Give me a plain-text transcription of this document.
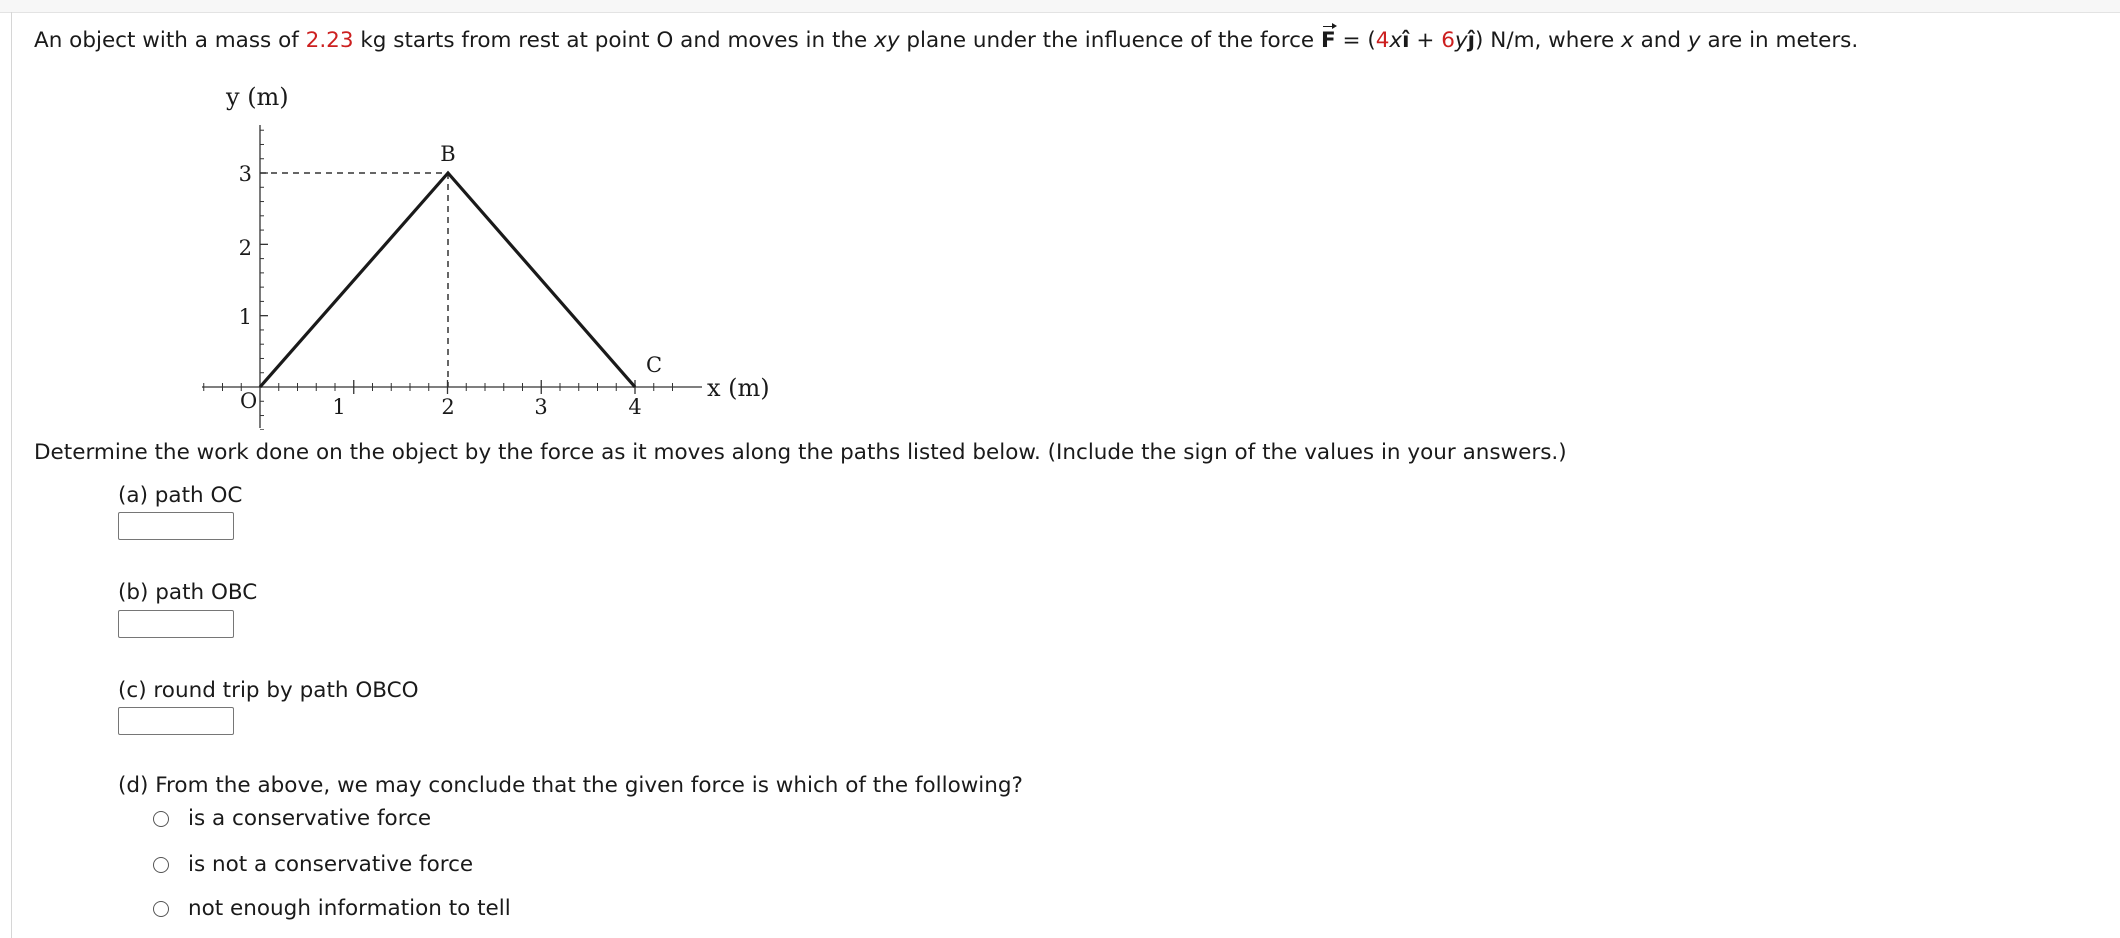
An object with a mass of 2.23 kg starts from rest at point O and moves in the xy plane under the influence of the force F = (4xî + 6yĵ) N/m, where x and y are in meters.
y (m)
O	1	2	3	4
1
2
3
B
C
x (m)
Determine the work done on the object by the force as it moves along the paths listed below. (Include the sign of the values in your answers.)
(a) path OC
(b) path OBC
(c) round trip by path OBCO
(d) From the above, we may conclude that the given force is which of the following?
is a conservative force
is not a conservative force
not enough information to tell
